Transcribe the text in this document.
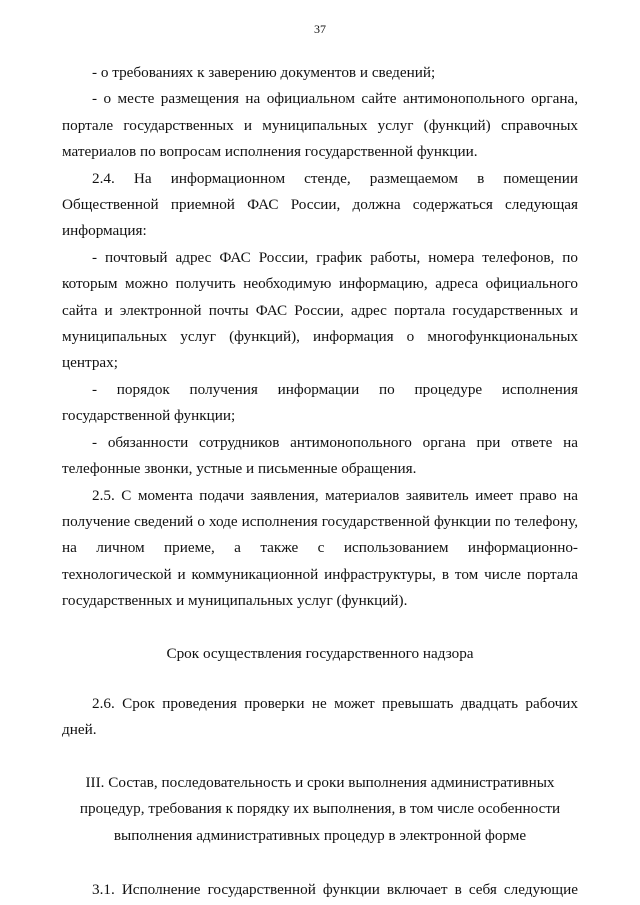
37

- о требованиях к заверению документов и сведений;

- о месте размещения на официальном сайте антимонопольного органа, портале государственных и муниципальных услуг (функций) справочных материалов по вопросам исполнения государственной функции.

2.4. На информационном стенде, размещаемом в помещении Общественной приемной ФАС России, должна содержаться следующая информация:

- почтовый адрес ФАС России, график работы, номера телефонов, по которым можно получить необходимую информацию, адреса официального сайта и электронной почты ФАС России, адрес портала государственных и муниципальных услуг (функций), информация о многофункциональных центрах;

- порядок получения информации по процедуре исполнения государственной функции;

- обязанности сотрудников антимонопольного органа при ответе на телефонные звонки, устные и письменные обращения.

2.5. С момента подачи заявления, материалов заявитель имеет право на получение сведений о ходе исполнения государственной функции по телефону, на личном приеме, а также с использованием информационно-технологической и коммуникационной инфраструктуры, в том числе портала государственных и муниципальных услуг (функций).

Срок осуществления государственного надзора

2.6. Срок проведения проверки не может превышать двадцать рабочих дней.

III. Состав, последовательность и сроки выполнения административных

процедур, требования к порядку их выполнения, в том числе особенности

выполнения административных процедур в электронной форме

3.1. Исполнение государственной функции включает в себя следующие
